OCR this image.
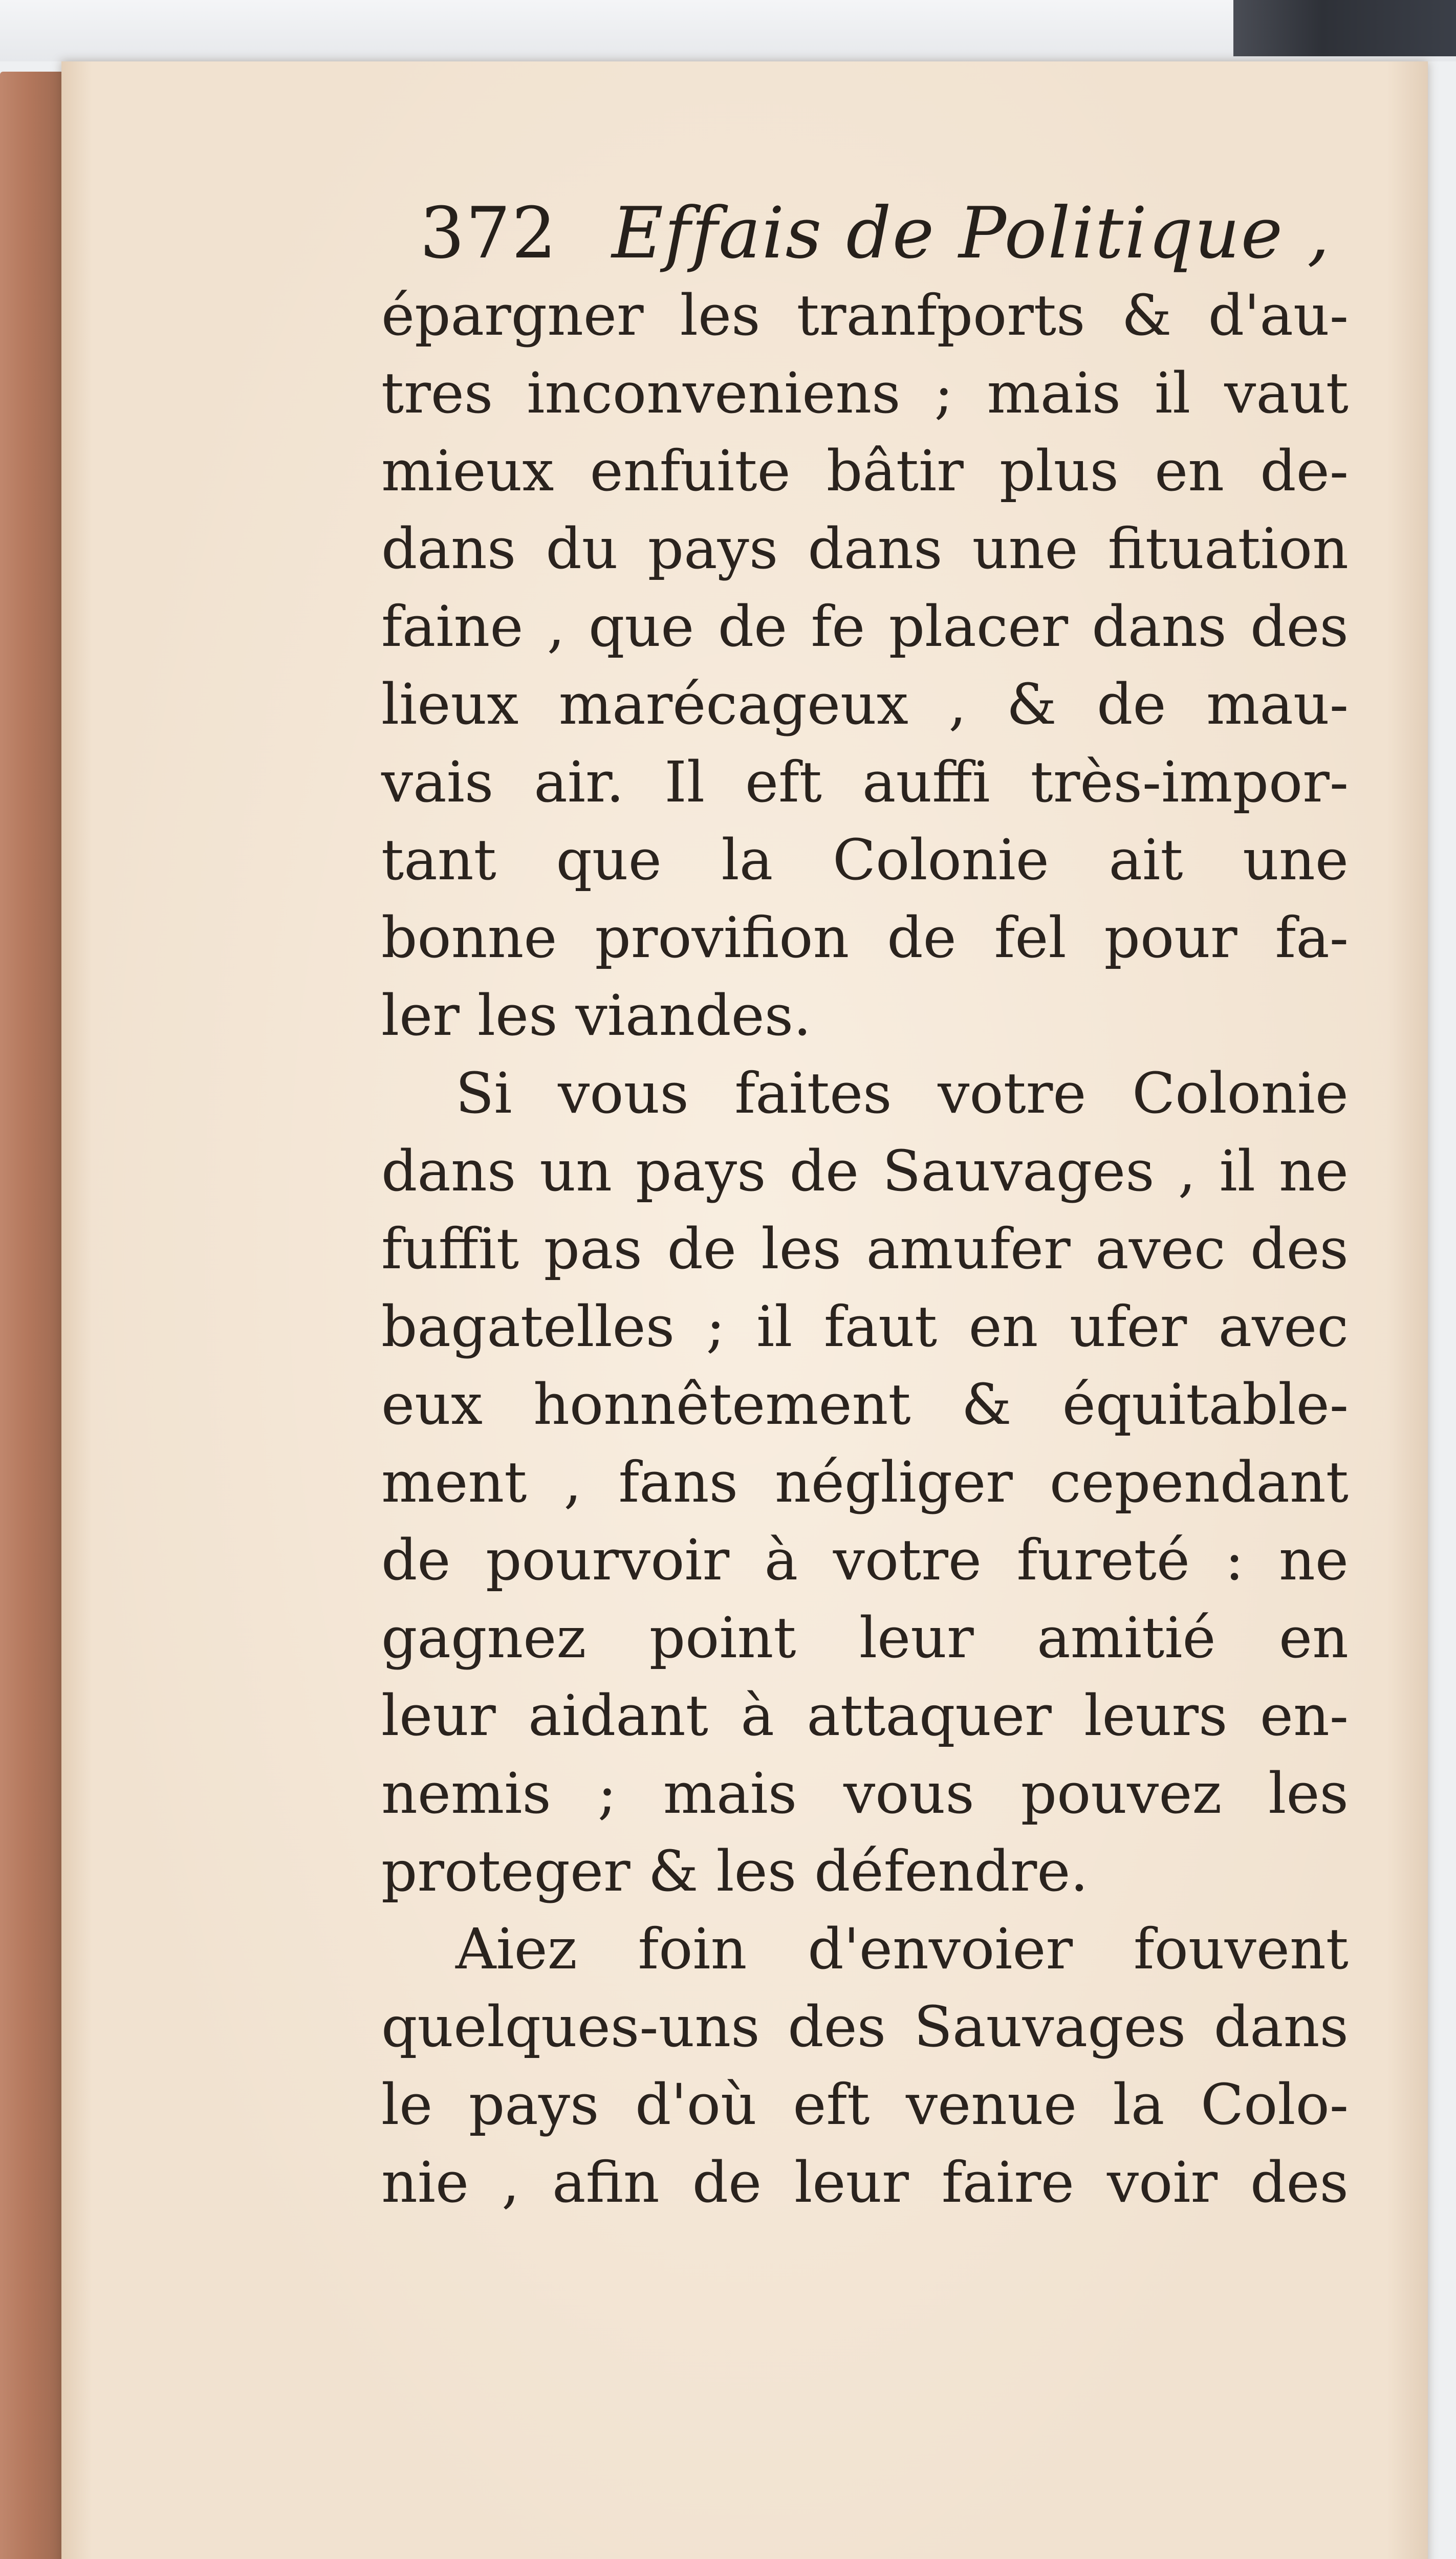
372 Effais de Politique ,
épargner les tranfports & d'au-
tres inconveniens ; mais il vaut
mieux enfuite bâtir plus en de-
dans du pays dans une fituation
faine , que de fe placer dans des
lieux marécageux , & de mau-
vais air. Il eft auffi très-impor-
tant que la Colonie ait une
bonne provifion de fel pour fa-
ler les viandes.
Si vous faites votre Colonie
dans un pays de Sauvages , il ne
fuffit pas de les amufer avec des
bagatelles ; il faut en ufer avec
eux honnêtement & équitable-
ment , fans négliger cependant
de pourvoir à votre fureté : ne
gagnez point leur amitié en
leur aidant à attaquer leurs en-
nemis ; mais vous pouvez les
proteger & les défendre.
Aiez foin d'envoier fouvent
quelques-uns des Sauvages dans
le pays d'où eft venue la Colo-
nie , afin de leur faire voir des
